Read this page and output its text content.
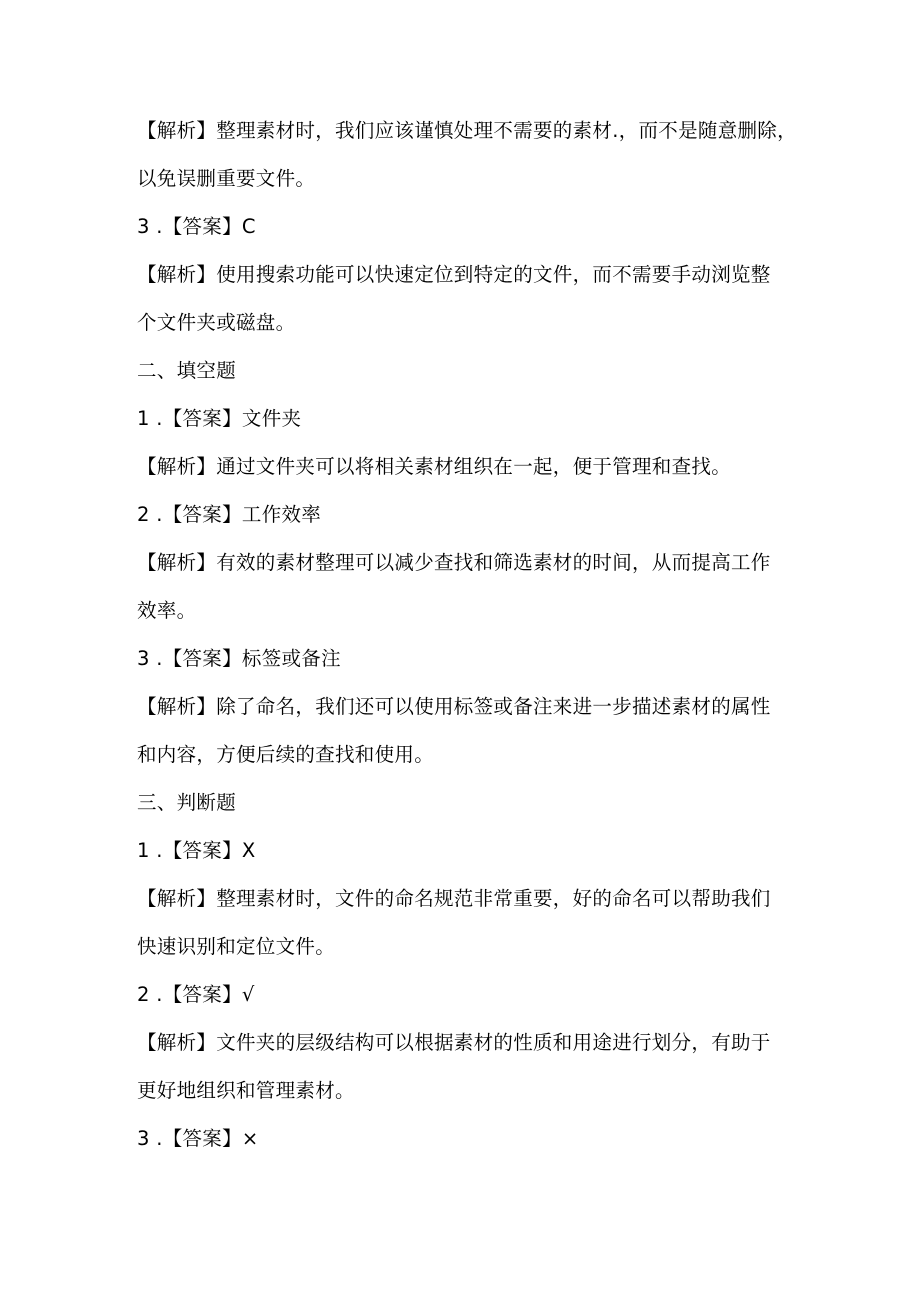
【解析】整理素材时，我们应该谨慎处理不需要的素材.，而不是随意删除，
以免误删重要文件。
3 .【答案】C
【解析】使用搜索功能可以快速定位到特定的文件，而不需要手动浏览整
个文件夹或磁盘。
二、填空题
1 .【答案】文件夹
【解析】通过文件夹可以将相关素材组织在一起，便于管理和查找。
2 .【答案】工作效率
【解析】有效的素材整理可以减少查找和筛选素材的时间，从而提高工作
效率。
3 .【答案】标签或备注
【解析】除了命名，我们还可以使用标签或备注来进一步描述素材的属性
和内容，方便后续的查找和使用。
三、判断题
1 .【答案】X
【解析】整理素材时，文件的命名规范非常重要，好的命名可以帮助我们
快速识别和定位文件。
2 .【答案】√
【解析】文件夹的层级结构可以根据素材的性质和用途进行划分，有助于
更好地组织和管理素材。
3 .【答案】×
